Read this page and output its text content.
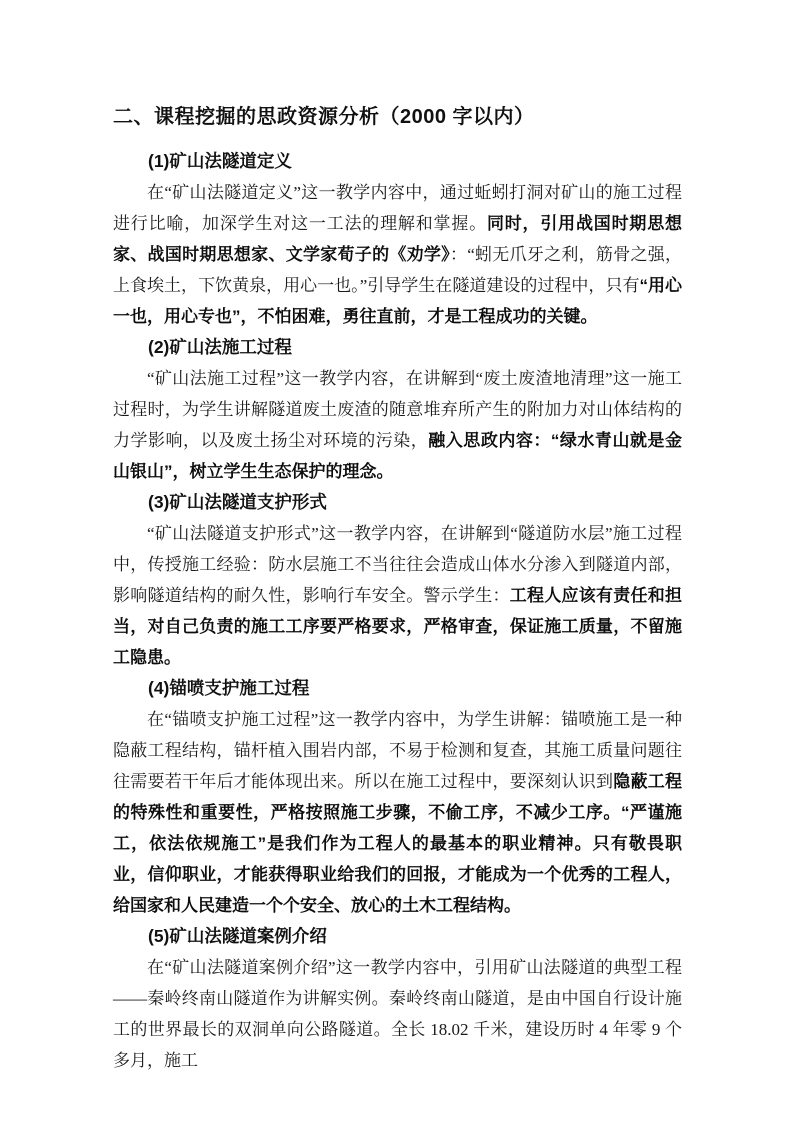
二、课程挖掘的思政资源分析（2000 字以内）
(1)矿山法隧道定义

在“矿山法隧道定义”这一教学内容中，通过蚯蚓打洞对矿山的施工过程进行比喻，加深学生对这一工法的理解和掌握。同时，引用战国时期思想家、战国时期思想家、文学家荀子的《劝学》：“蚓无爪牙之利，筋骨之强，上食埃土，下饮黄泉，用心一也。”引导学生在隧道建设的过程中，只有“用心一也，用心专也”，不怕困难，勇往直前，才是工程成功的关键。

(2)矿山法施工过程

“矿山法施工过程”这一教学内容，在讲解到“废土废渣地清理”这一施工过程时，为学生讲解隧道废土废渣的随意堆弃所产生的附加力对山体结构的力学影响，以及废土扬尘对环境的污染，融入思政内容：“绿水青山就是金山银山”，树立学生生态保护的理念。

(3)矿山法隧道支护形式

“矿山法隧道支护形式”这一教学内容，在讲解到“隧道防水层”施工过程中，传授施工经验：防水层施工不当往往会造成山体水分渗入到隧道内部，影响隧道结构的耐久性，影响行车安全。警示学生：工程人应该有责任和担当，对自己负责的施工工序要严格要求，严格审查，保证施工质量，不留施工隐患。

(4)锚喷支护施工过程

在“锚喷支护施工过程”这一教学内容中，为学生讲解：锚喷施工是一种隐蔽工程结构，锚杆植入围岩内部，不易于检测和复查，其施工质量问题往往需要若干年后才能体现出来。所以在施工过程中，要深刻认识到隐蔽工程的特殊性和重要性，严格按照施工步骤，不偷工序，不减少工序。“严谨施工，依法依规施工”是我们作为工程人的最基本的职业精神。只有敬畏职业，信仰职业，才能获得职业给我们的回报，才能成为一个优秀的工程人，给国家和人民建造一个个安全、放心的土木工程结构。

(5)矿山法隧道案例介绍

在“矿山法隧道案例介绍”这一教学内容中，引用矿山法隧道的典型工程——秦岭终南山隧道作为讲解实例。秦岭终南山隧道，是由中国自行设计施工的世界最长的双洞单向公路隧道。全长 18.02 千米，建设历时 4 年零 9 个多月，施工
